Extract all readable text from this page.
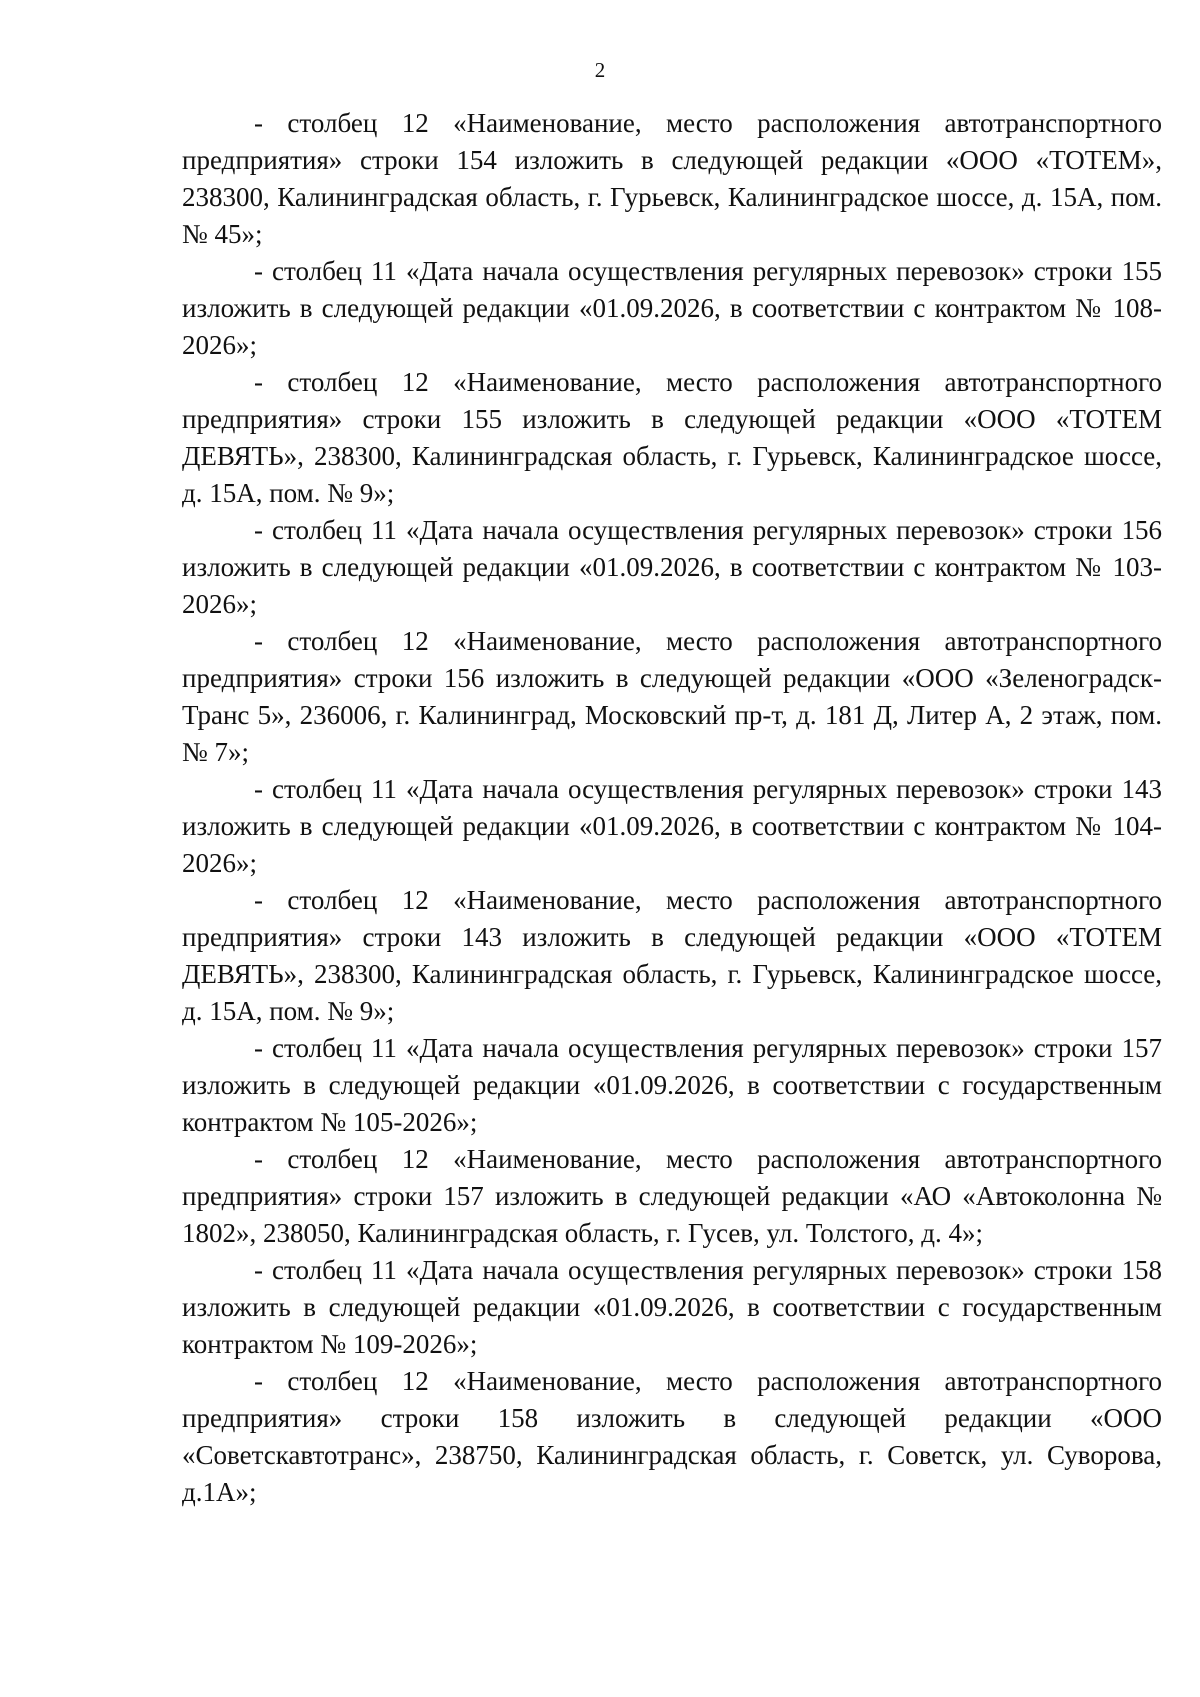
2

- столбец 12 «Наименование, место расположения автотранспортного предприятия» строки 154 изложить в следующей редакции «ООО «ТОТЕМ», 238300, Калининградская область, г. Гурьевск, Калининградское шоссе, д. 15А, пом. № 45»;

- столбец 11 «Дата начала осуществления регулярных перевозок» строки 155 изложить в следующей редакции «01.09.2026, в соответствии с контрактом № 108-2026»;

- столбец 12 «Наименование, место расположения автотранспортного предприятия» строки 155 изложить в следующей редакции «ООО «ТОТЕМ ДЕВЯТЬ», 238300, Калининградская область, г. Гурьевск, Калининградское шоссе, д. 15А, пом. № 9»;

- столбец 11 «Дата начала осуществления регулярных перевозок» строки 156 изложить в следующей редакции «01.09.2026, в соответствии с контрактом № 103-2026»;

- столбец 12 «Наименование, место расположения автотранспортного предприятия» строки 156 изложить в следующей редакции «ООО «Зеленоградск-Транс 5», 236006, г. Калининград, Московский пр-т, д. 181 Д, Литер А, 2 этаж, пом. № 7»;

- столбец 11 «Дата начала осуществления регулярных перевозок» строки 143 изложить в следующей редакции «01.09.2026, в соответствии с контрактом № 104-2026»;

- столбец 12 «Наименование, место расположения автотранспортного предприятия» строки 143 изложить в следующей редакции «ООО «ТОТЕМ ДЕВЯТЬ», 238300, Калининградская область, г. Гурьевск, Калининградское шоссе, д. 15А, пом. № 9»;

- столбец 11 «Дата начала осуществления регулярных перевозок» строки 157 изложить в следующей редакции «01.09.2026, в соответствии с государственным контрактом № 105-2026»;

- столбец 12 «Наименование, место расположения автотранспортного предприятия» строки 157 изложить в следующей редакции «АО «Автоколонна № 1802», 238050, Калининградская область, г. Гусев, ул. Толстого, д. 4»;

- столбец 11 «Дата начала осуществления регулярных перевозок» строки 158 изложить в следующей редакции «01.09.2026, в соответствии с государственным контрактом № 109-2026»;

- столбец 12 «Наименование, место расположения автотранспортного предприятия» строки 158 изложить в следующей редакции «ООО «Советскавтотранс», 238750, Калининградская область, г. Советск, ул. Суворова, д.1А»;
